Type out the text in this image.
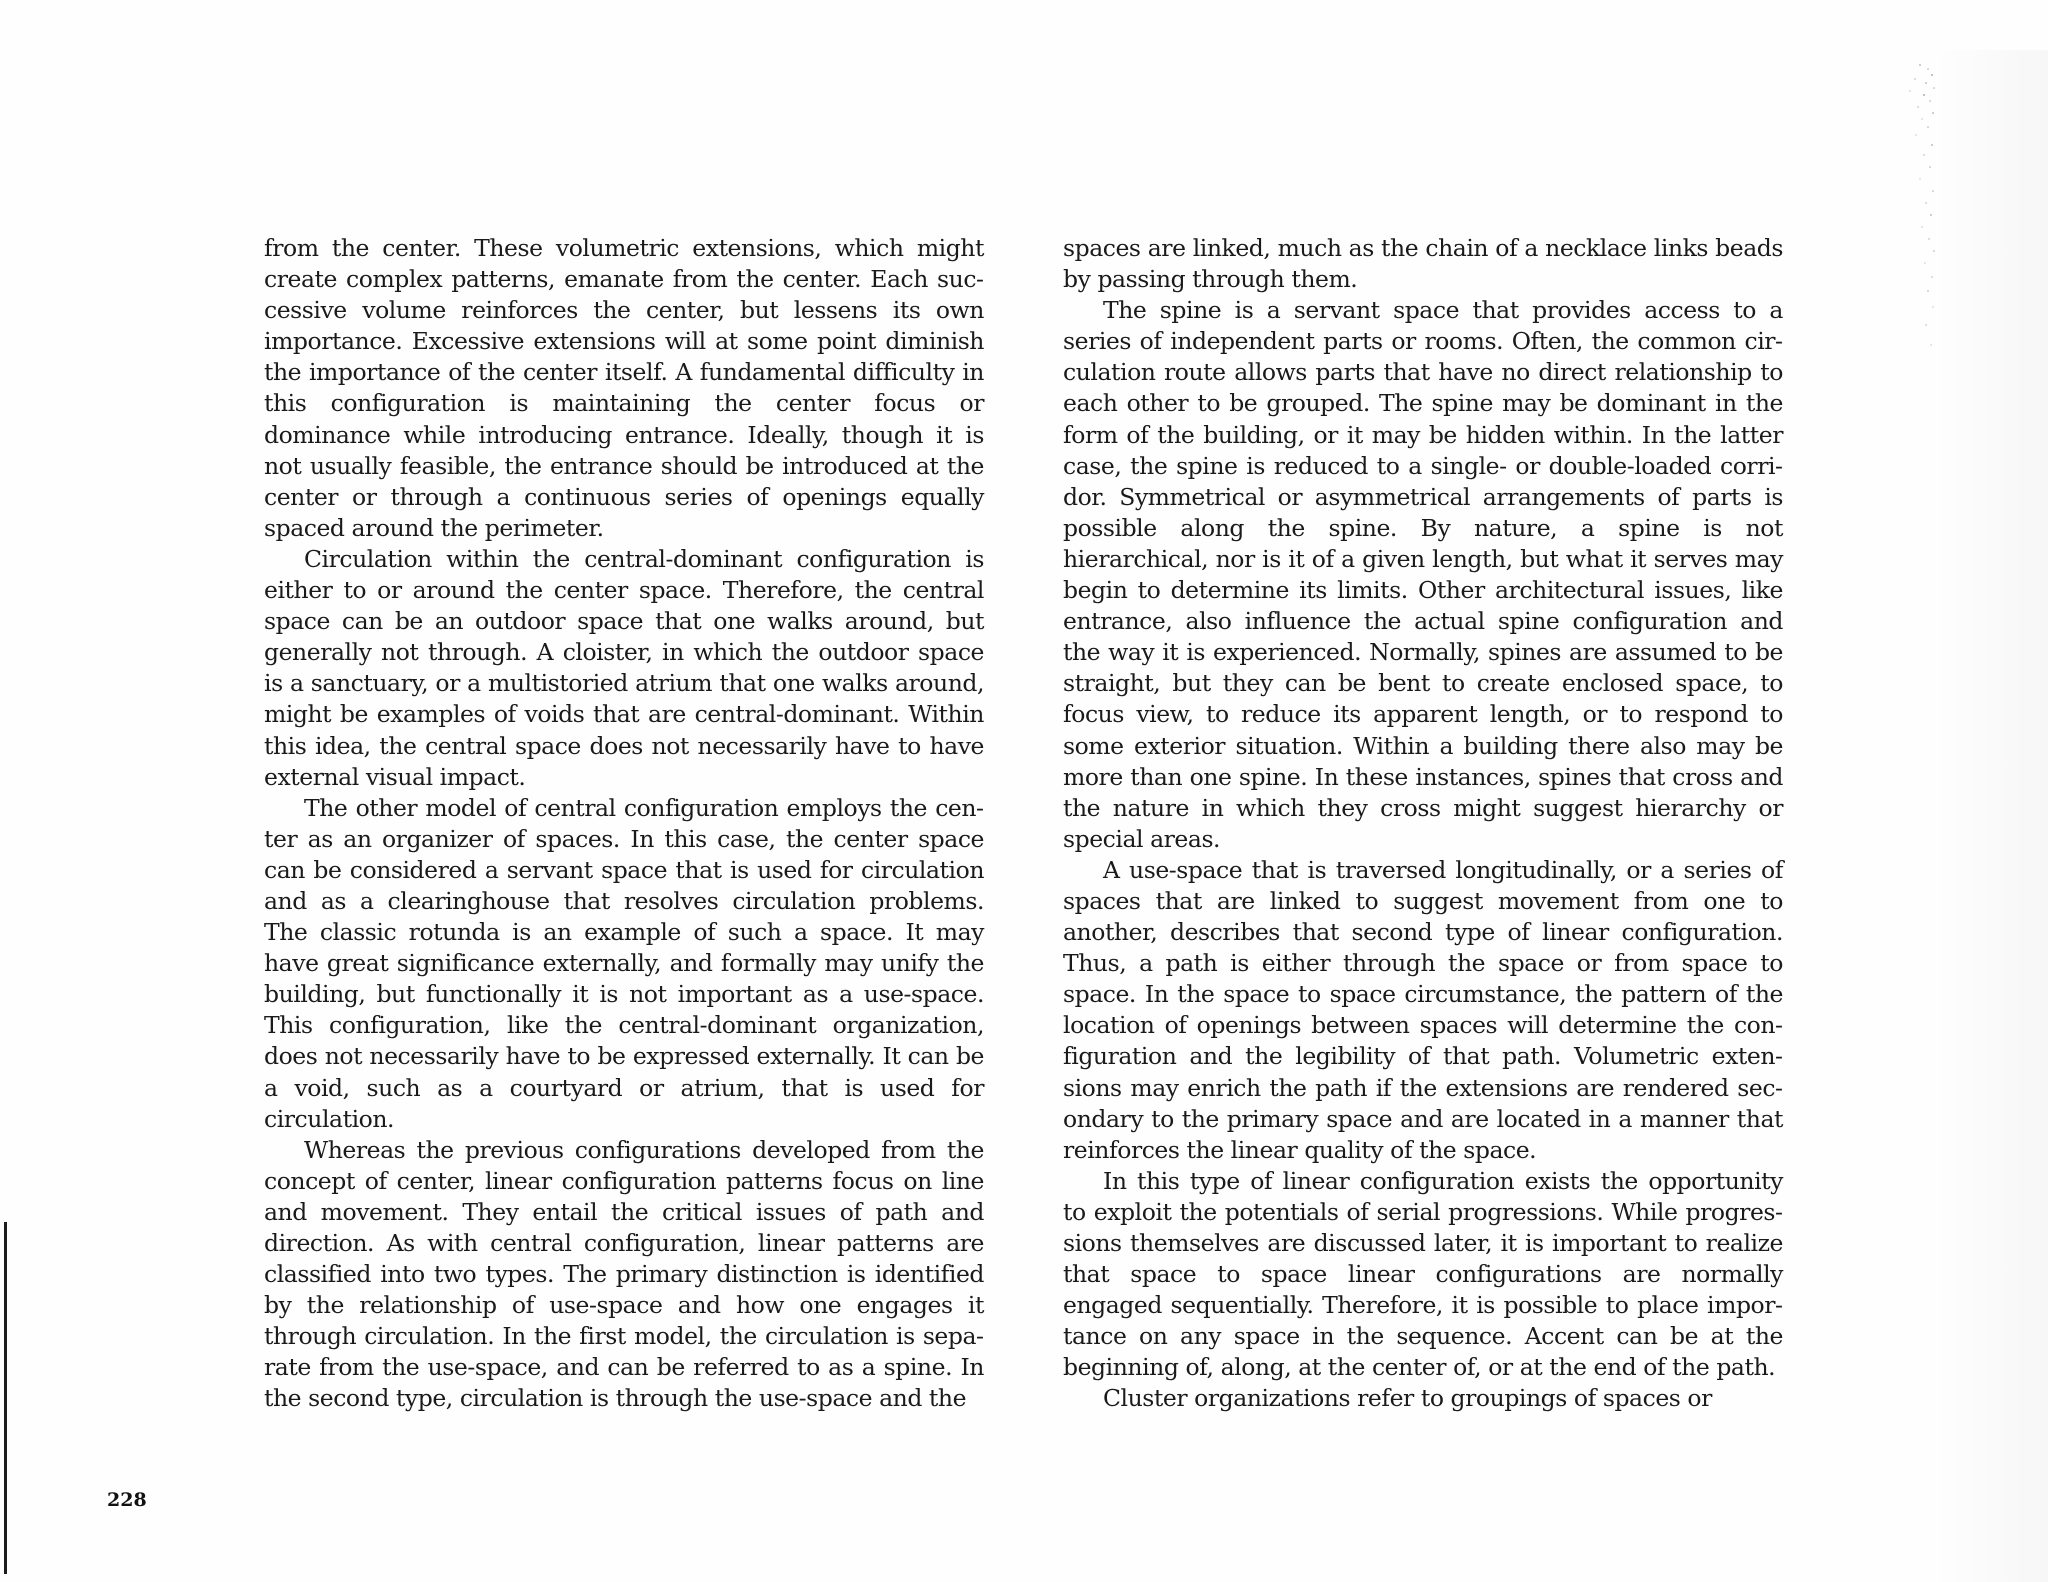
from the center. These volumetric extensions, which might create complex patterns, emanate from the center. Each successive volume reinforces the center, but lessens its own importance. Excessive extensions will at some point diminish the importance of the center itself. A fundamental difficulty in this configuration is maintaining the center focus or dominance while introducing entrance. Ideally, though it is not usually feasible, the entrance should be introduced at the center or through a continuous series of openings equally spaced around the perimeter.

Circulation within the central-dominant configuration is either to or around the center space. Therefore, the central space can be an outdoor space that one walks around, but generally not through. A cloister, in which the outdoor space is a sanctuary, or a multistoried atrium that one walks around, might be examples of voids that are central-dominant. Within this idea, the central space does not necessarily have to have external visual impact.

The other model of central configuration employs the center as an organizer of spaces. In this case, the center space can be considered a servant space that is used for circulation and as a clearinghouse that resolves circulation problems. The classic rotunda is an example of such a space. It may have great significance externally, and formally may unify the building, but functionally it is not important as a use-space. This configuration, like the central-dominant organization, does not necessarily have to be expressed externally. It can be a void, such as a courtyard or atrium, that is used for circulation.

Whereas the previous configurations developed from the concept of center, linear configuration patterns focus on line and movement. They entail the critical issues of path and direction. As with central configuration, linear patterns are classified into two types. The primary distinction is identified by the relationship of use-space and how one engages it through circulation. In the first model, the circulation is separate from the use-space, and can be referred to as a spine. In the second type, circulation is through the use-space and the

spaces are linked, much as the chain of a necklace links beads by passing through them.

The spine is a servant space that provides access to a series of independent parts or rooms. Often, the common circulation route allows parts that have no direct relationship to each other to be grouped. The spine may be dominant in the form of the building, or it may be hidden within. In the latter case, the spine is reduced to a single- or double-loaded corridor. Symmetrical or asymmetrical arrangements of parts is possible along the spine. By nature, a spine is not hierarchical, nor is it of a given length, but what it serves may begin to determine its limits. Other architectural issues, like entrance, also influence the actual spine configuration and the way it is experienced. Normally, spines are assumed to be straight, but they can be bent to create enclosed space, to focus view, to reduce its apparent length, or to respond to some exterior situation. Within a building there also may be more than one spine. In these instances, spines that cross and the nature in which they cross might suggest hierarchy or special areas.

A use-space that is traversed longitudinally, or a series of spaces that are linked to suggest movement from one to another, describes that second type of linear configuration. Thus, a path is either through the space or from space to space. In the space to space circumstance, the pattern of the location of openings between spaces will determine the configuration and the legibility of that path. Volumetric extensions may enrich the path if the extensions are rendered secondary to the primary space and are located in a manner that reinforces the linear quality of the space.

In this type of linear configuration exists the opportunity to exploit the potentials of serial progressions. While progressions themselves are discussed later, it is important to realize that space to space linear configurations are normally engaged sequentially. Therefore, it is possible to place importance on any space in the sequence. Accent can be at the beginning of, along, at the center of, or at the end of the path.

Cluster organizations refer to groupings of spaces or

228
